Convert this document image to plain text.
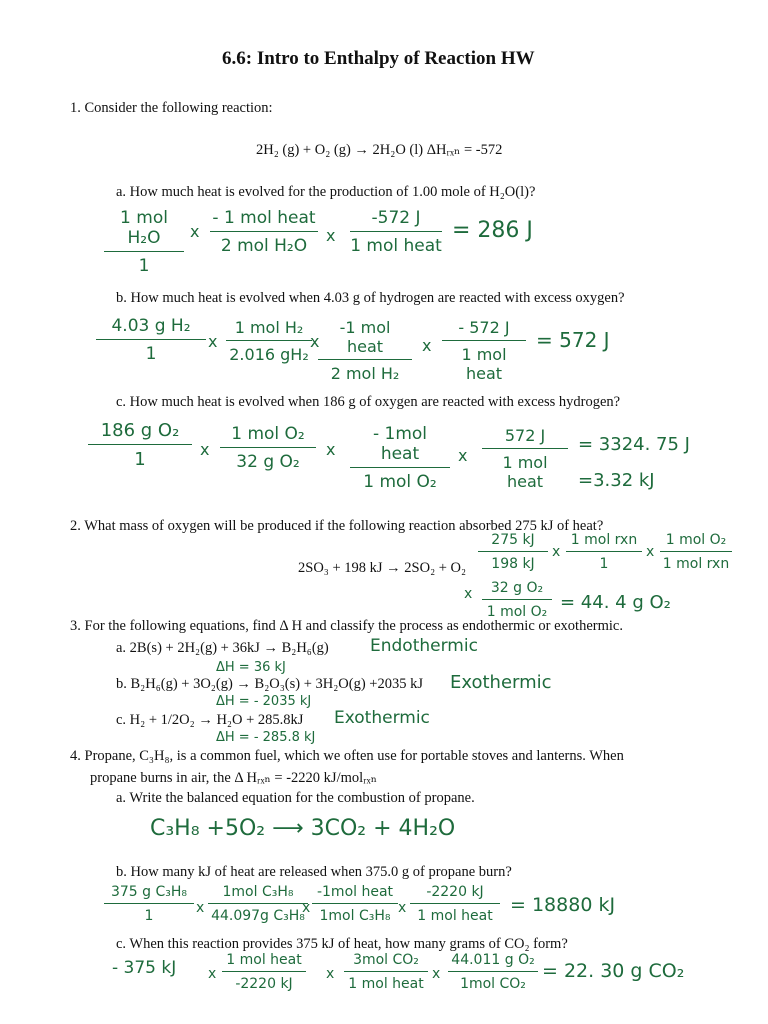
6.6: Intro to Enthalpy of Reaction HW
1. Consider the following reaction:
2H₂ (g) + O₂ (g) → 2H₂O (l) ΔHᵣₓₙ = -572
a. How much heat is evolved for the production of 1.00 mole of H₂O(l)?
1 mol H₂O
1
x
- 1 mol heat
2 mol H₂O
x
-572 J
1 mol heat
= 286 J
b. How much heat is evolved when 4.03 g of hydrogen are reacted with excess oxygen?
$\frac{\text{4.03 g H₂}}{1}$ x
1 mol H₂
2.016 gH₂
x
-1 mol heat
2 mol H₂
x
- 572 J
1 mol heat
= 572 J
c. How much heat is evolved when 186 g of oxygen are reacted with excess hydrogen?
$\frac{\text{186 g O₂}}{1}$ x
1 mol O₂
32 g O₂
x
- 1mol heat
1 mol O₂
x
572 J
1 mol heat
= 3324. 75 J
=3.32 kJ
2. What mass of oxygen will be produced if the following reaction absorbed 275 kJ of heat?
2SO₃ + 198 kJ → $2SO_2 + O_2 \frac{275 kJ}{198 kJ}$ x
1 mol rxn
1
x
1 mol O₂
1 mol rxn
x	32 g O₂
1 mol O₂ = 44. 4 g O₂
3. For the following equations, find Δ H and classify the process as endothermic or exothermic.
a. 2B(s) + 2H₂(g) + 36kJ → B₂H₆(g) Endothermic
ΔH = 36 kJ
b. B₂H₆(g) + 3O₂(g) → B₂O₃(s) + 3H₂O(g) +2035 kJ Exothermic
ΔH = - 2035 kJ
c. H₂ + 1/2O₂ → H₂O + 285.8kJ Exothermic
ΔH = - 285.8 kJ
4. Propane, C₃H₈, is a common fuel, which we often use for portable stoves and lanterns. When
propane burns in air, the Δ Hᵣₓₙ = -2220 kJ/molᵣₓₙ
a. Write the balanced equation for the combustion of propane.
C₃H₈ +5O₂ ⟶ 3CO₂ + 4H₂O
b. How many kJ of heat are released when 375.0 g of propane burn?
$\frac{\text{375 g C₃H₈}}{1}$ x
1mol C₃H₈
44.097g C₃H₈
x
-1mol heat
1mol C₃H₈ x
-2220 kJ
1 mol heat = 18880 kJ
c. When this reaction provides 375 kJ of heat, how many grams of CO₂ form?
- 375 kJ x
1 mol heat
-2220 kJ
x
3mol CO₂
1 mol heat
x
44.011 g O₂
1mol CO₂
= 22. 30 g CO₂
